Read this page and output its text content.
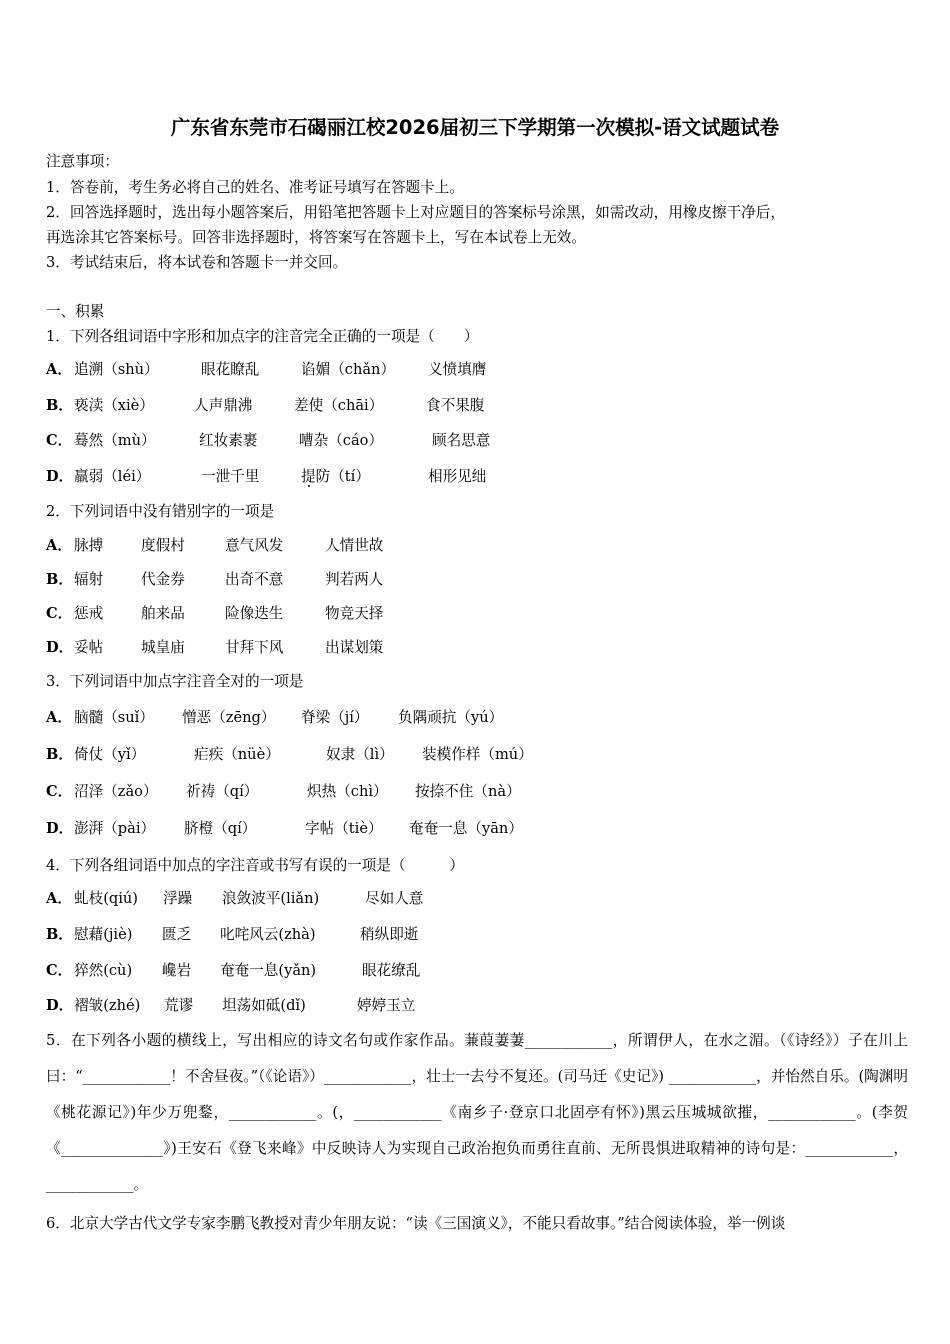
广东省东莞市石碣丽江校2026届初三下学期第一次模拟-语文试题试卷
注意事项：
1．答卷前，考生务必将自己的姓名、准考证号填写在答题卡上。
2．回答选择题时，选出每小题答案后，用铅笔把答题卡上对应题目的答案标号涂黑，如需改动，用橡皮擦干净后，
再选涂其它答案标号。回答非选择题时，将答案写在答题卡上，写在本试卷上无效。
3．考试结束后，将本试卷和答题卡一并交回。
一、积累
1．下列各组词语中字形和加点字的注音完全正确的一项是（　　）
A． 追溯（shù）	眼花瞭乱	谄媚（chǎn） 义愤填膺
B． 亵渎（xiè）	人声鼎沸	差使（chāi）	食不果腹
C． 蓦然（mù）	红妆素裹	嘈杂（cáo）	顾名思意
D． 羸弱（léi）	一泄千里	提防（tí）	相形见绌
2．下列词语中没有错别字的一项是
A． 脉搏	度假村	意气风发	人情世故
B． 辐射	代金券	出奇不意	判若两人
C． 惩戒	舶来品	险像迭生	物竞天择
D． 妥帖	城皇庙	甘拜下风	出谋划策
3．下列词语中加点字注音全对的一项是
A． 脑髓（suǐ） 憎恶（zēng） 脊梁（jí） 负隅顽抗（yú）
B． 倚仗（yǐ）	疟疾（nüè）	奴隶（lì） 装模作样（mú）
C． 沼泽（zǎo） 祈祷（qí）	炽热（chì） 按捺不住（nà）
D． 澎湃（pài） 脐橙（qí）	字帖（tiè） 奄奄一息（yān）
4．下列各组词语中加点的字注音或书写有误的一项是（　　　）
A． 虬枝(qiú) 浮躁 浪敛波平(liǎn)	尽如人意
B． 慰藉(jiè) 匮乏 叱咤风云(zhà)	稍纵即逝
C． 猝然(cù) 巉岩 奄奄一息(yǎn)	眼花缭乱
D． 褶皱(zhé) 荒谬 坦荡如砥(dǐ)	婷婷玉立
5．在下列各小题的横线上，写出相应的诗文名句或作家作品。蒹葭萋萋____________，所谓伊人，在水之湄。（《诗经》）子在川上曰：“____________！不舍昼夜。”（《论语》）____________，壮士一去兮不复还。(司马迁《史记》) ____________，并怡然自乐。(陶渊明《桃花源记》)年少万兜鍪，____________。(，____________《南乡子·登京口北固亭有怀》)黑云压城城欲摧，____________。(李贺《______________》)王安石《登飞来峰》中反映诗人为实现自己政治抱负而勇往直前、无所畏惧进取精神的诗句是：____________，____________。
6．北京大学古代文学专家李鹏飞教授对青少年朋友说：“读《三国演义》，不能只看故事。”结合阅读体验，举一例谈
